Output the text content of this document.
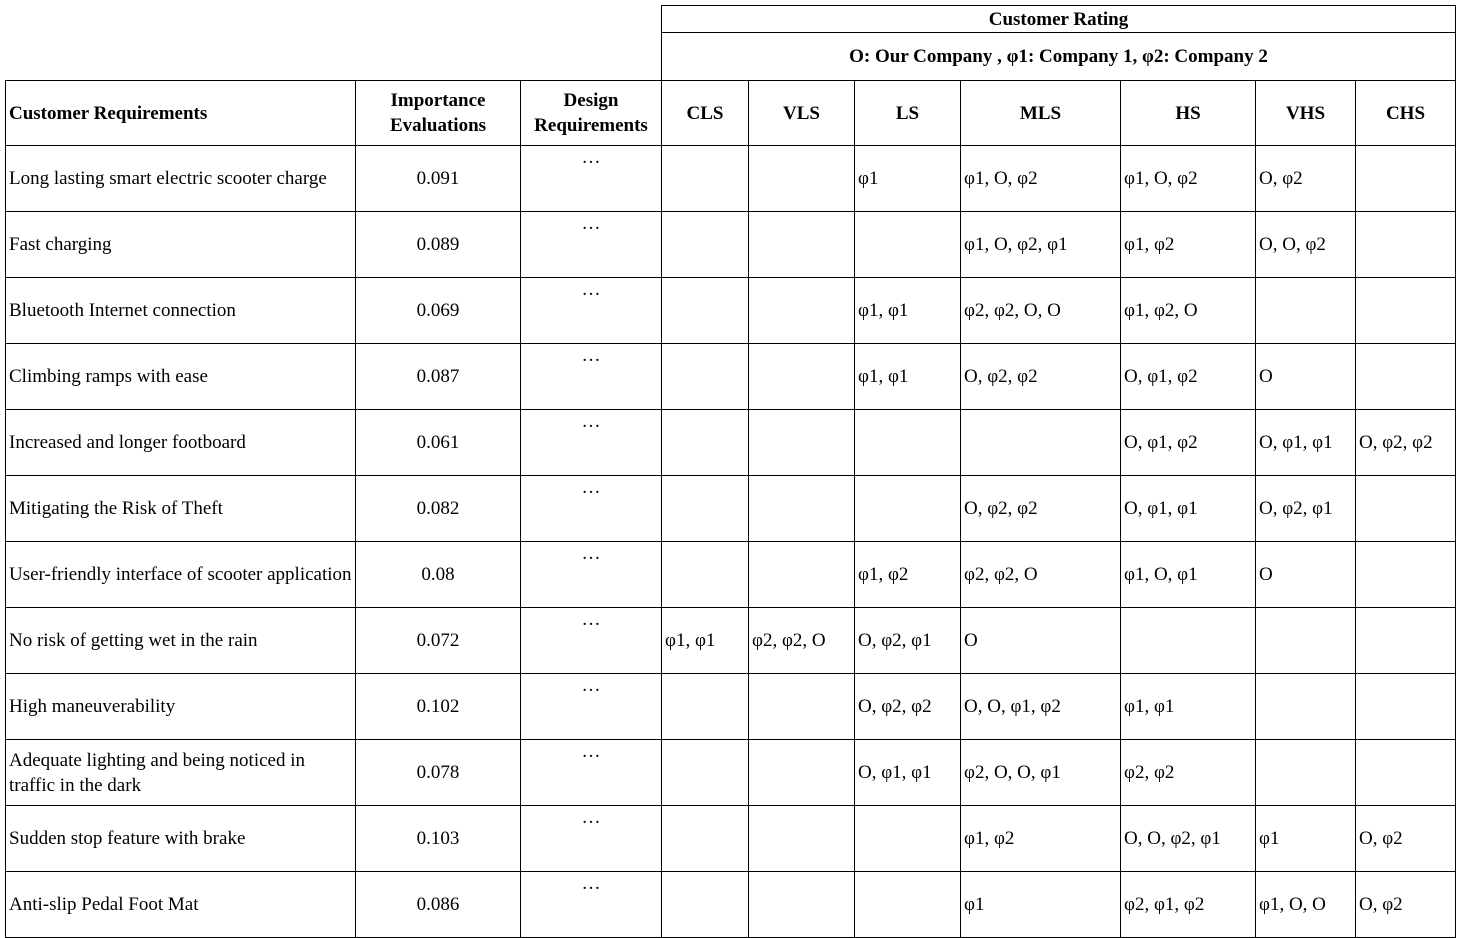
			Customer Rating						
			O: Our Company , φ1: Company 1, φ2: Company 2						
Customer Requirements	Importance Evaluations	Design Requirements	CLS	VLS	LS	MLS	HS	VHS	CHS
Long lasting smart electric scooter charge	0.091	…			φ1	φ1, O, φ2	φ1, O, φ2	O, φ2	
Fast charging	0.089	…				φ1, O, φ2, φ1	φ1, φ2	O, O, φ2	
Bluetooth Internet connection	0.069	…			φ1, φ1	φ2, φ2, O, O	φ1, φ2, O		
Climbing ramps with ease	0.087	…			φ1, φ1	O, φ2, φ2	O, φ1, φ2	O	
Increased and longer footboard	0.061	…					O, φ1, φ2	O, φ1, φ1	O, φ2, φ2
Mitigating the Risk of Theft	0.082	…				O, φ2, φ2	O, φ1, φ1	O, φ2, φ1	
User-friendly interface of scooter application	0.08	…			φ1, φ2	φ2, φ2, O	φ1, O, φ1	O	
No risk of getting wet in the rain	0.072	…	φ1, φ1	φ2, φ2, O	O, φ2, φ1	O			
High maneuverability	0.102	…			O, φ2, φ2	O, O, φ1, φ2	φ1, φ1		
Adequate lighting and being noticed in traffic in the dark	0.078	…			O, φ1, φ1	φ2, O, O, φ1	φ2, φ2		
Sudden stop feature with brake	0.103	…				φ1, φ2	O, O, φ2, φ1	φ1	O, φ2
Anti-slip Pedal Foot Mat	0.086	…				φ1	φ2, φ1, φ2	φ1, O, O	O, φ2
